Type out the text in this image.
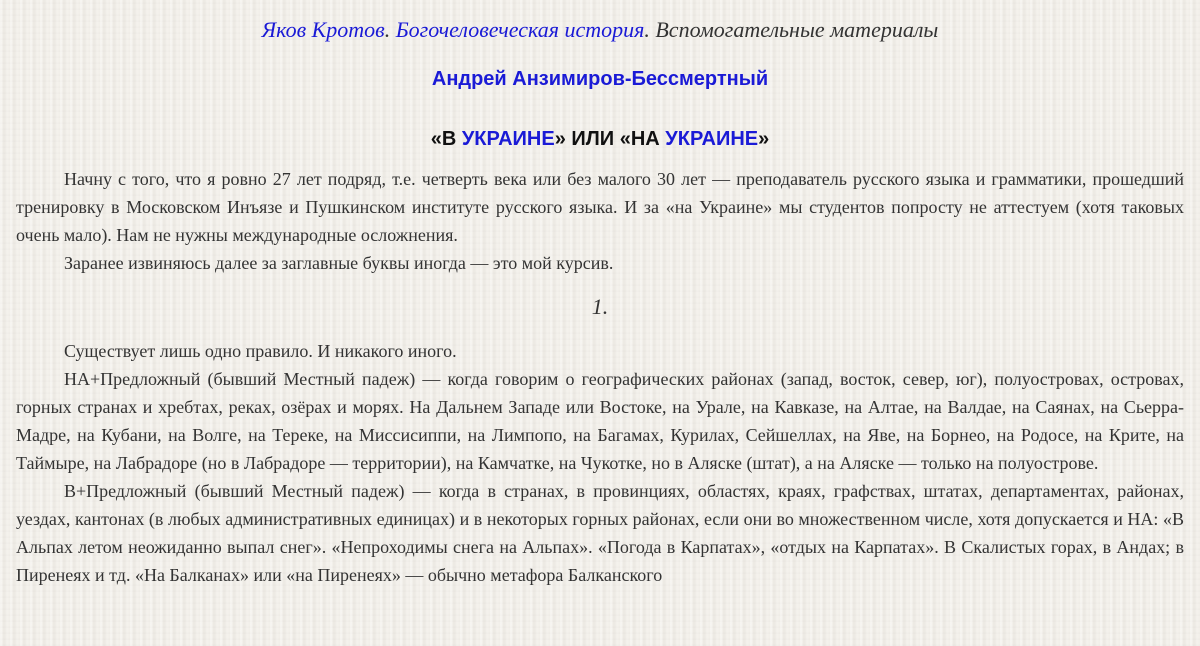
Яков Кротов. Богочеловеческая история. Вспомогательные материалы
Андрей Анзимиров-Бессмертный
«В УКРАИНЕ» ИЛИ «НА УКРАИНЕ»

Начну с того, что я ровно 27 лет подряд, т.е. четверть века или без малого 30 лет — преподаватель русского языка и грамматики, прошедший тренировку в Московском Инъязе и Пушкинском институте русского языка. И за «на Украине» мы студентов попросту не аттестуем (хотя таковых очень мало). Нам не нужны международные осложнения.

Заранее извиняюсь далее за заглавные буквы иногда — это мой курсив.

1.

Существует лишь одно правило. И никакого иного.

НА+Предложный (бывший Местный падеж) — когда говорим о географических районах (запад, восток, север, юг), полуостровах, островах, горных странах и хребтах, реках, озёрах и морях. На Дальнем Западе или Востоке, на Урале, на Кавказе, на Алтае, на Валдае, на Саянах, на Сьерра-Мадре, на Кубани, на Волге, на Тереке, на Миссисиппи, на Лимпопо, на Багамах, Курилах, Сейшеллах, на Яве, на Борнео, на Родосе, на Крите, на Таймыре, на Лабрадоре (но в Лабрадоре — территории), на Камчатке, на Чукотке, но в Аляске (штат), а на Аляске — только на полуострове.

В+Предложный (бывший Местный падеж) — когда в странах, в провинциях, областях, краях, графствах, штатах, департаментах, районах, уездах, кантонах (в любых административных единицах) и в некоторых горных районах, если они во множественном числе, хотя допускается и НА: «В Альпах летом неожиданно выпал снег». «Непроходимы снега на Альпах». «Погода в Карпатах», «отдых на Карпатах». В Скалистых горах, в Андах; в Пиренеях и тд. «На Балканах» или «на Пиренеях» — обычно метафора Балканского
